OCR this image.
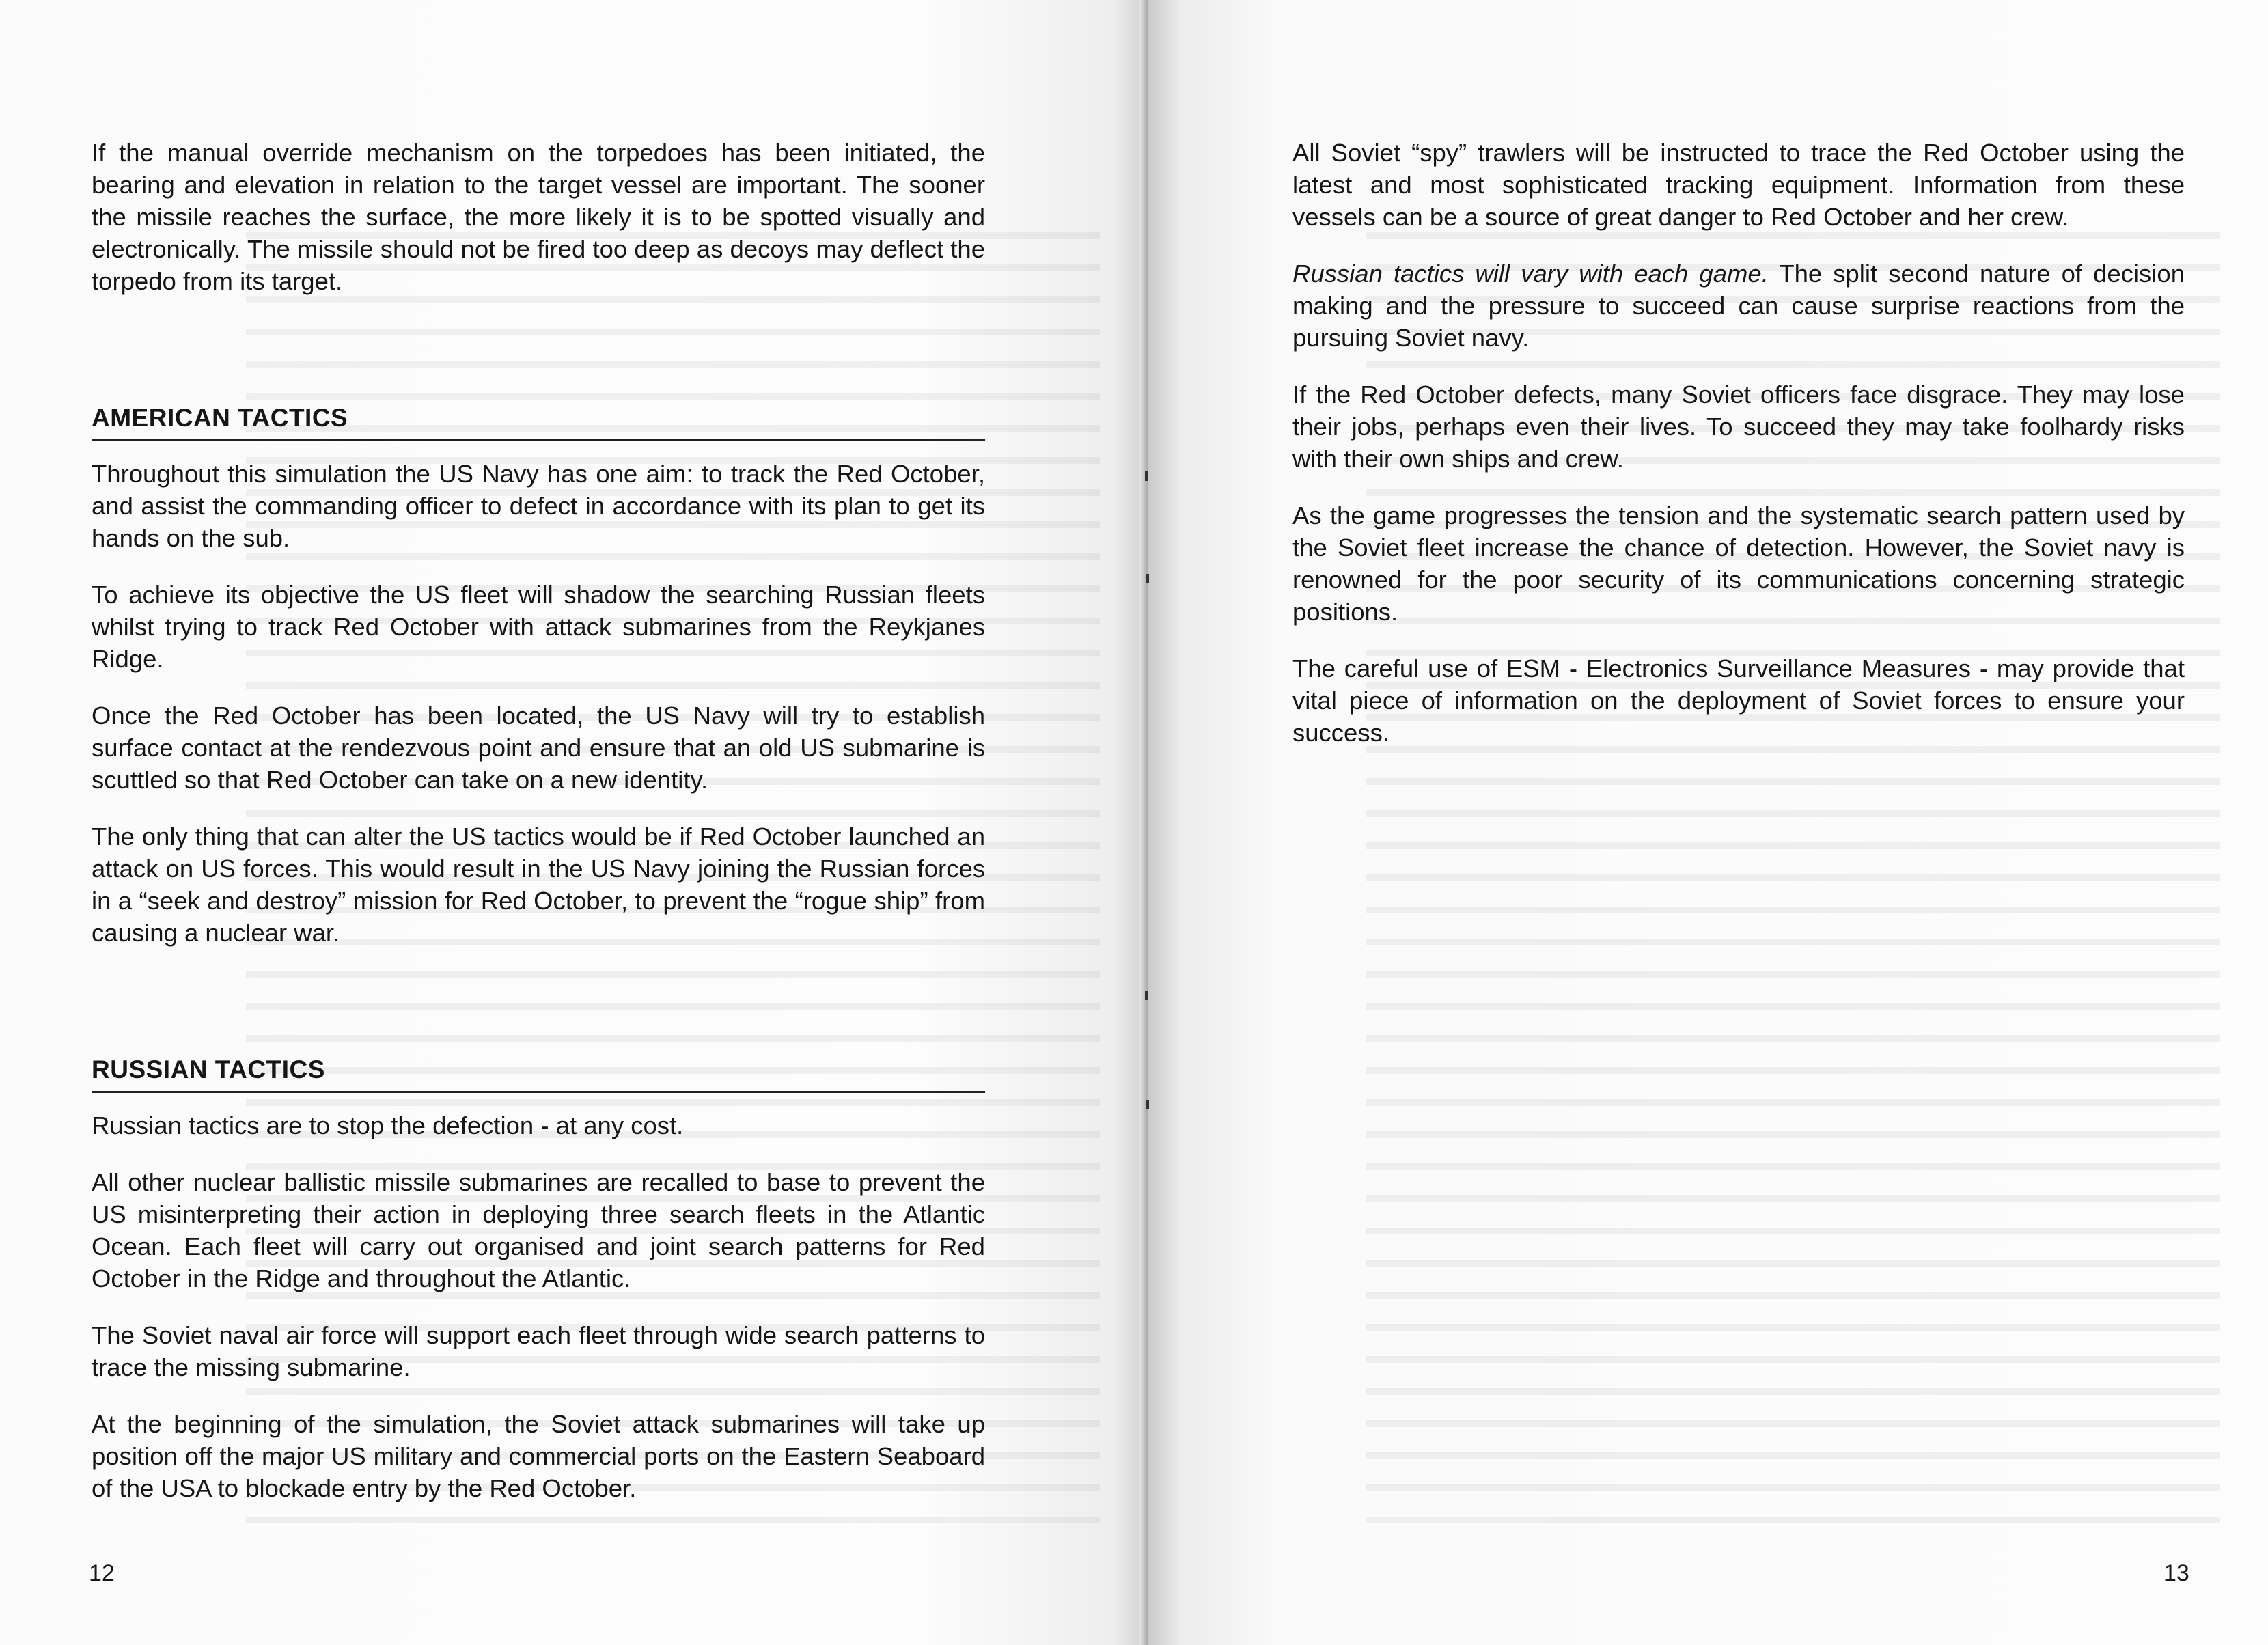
If the manual override mechanism on the torpedoes has been initiated, the bearing and elevation in relation to the target vessel are important. The sooner the missile reaches the surface, the more likely it is to be spotted visually and electronically. The missile should not be fired too deep as decoys may deflect the torpedo from its target.

AMERICAN TACTICS

Throughout this simulation the US Navy has one aim: to track the Red October, and assist the commanding officer to defect in accordance with its plan to get its hands on the sub.

To achieve its objective the US fleet will shadow the searching Russian fleets whilst trying to track Red October with attack submarines from the Reykjanes Ridge.

Once the Red October has been located, the US Navy will try to establish surface contact at the rendezvous point and ensure that an old US submarine is scuttled so that Red October can take on a new identity.

The only thing that can alter the US tactics would be if Red October launched an attack on US forces. This would result in the US Navy joining the Russian forces in a “seek and destroy” mission for Red October, to prevent the “rogue ship” from causing a nuclear war.

RUSSIAN TACTICS

Russian tactics are to stop the defection - at any cost.

All other nuclear ballistic missile submarines are recalled to base to prevent the US misinterpreting their action in deploying three search fleets in the Atlantic Ocean. Each fleet will carry out organised and joint search patterns for Red October in the Ridge and throughout the Atlantic.

The Soviet naval air force will support each fleet through wide search patterns to trace the missing submarine.

At the beginning of the simulation, the Soviet attack submarines will take up position off the major US military and commercial ports on the Eastern Seaboard of the USA to blockade entry by the Red October.

12

All Soviet “spy” trawlers will be instructed to trace the Red October using the latest and most sophisticated tracking equipment. Information from these vessels can be a source of great danger to Red October and her crew.

Russian tactics will vary with each game. The split second nature of decision making and the pressure to succeed can cause surprise reactions from the pursuing Soviet navy.

If the Red October defects, many Soviet officers face disgrace. They may lose their jobs, perhaps even their lives. To succeed they may take foolhardy risks with their own ships and crew.

As the game progresses the tension and the systematic search pattern used by the Soviet fleet increase the chance of detection. However, the Soviet navy is renowned for the poor security of its communications concerning strategic positions.

The careful use of ESM - Electronics Surveillance Measures - may provide that vital piece of information on the deployment of Soviet forces to ensure your success.

13
